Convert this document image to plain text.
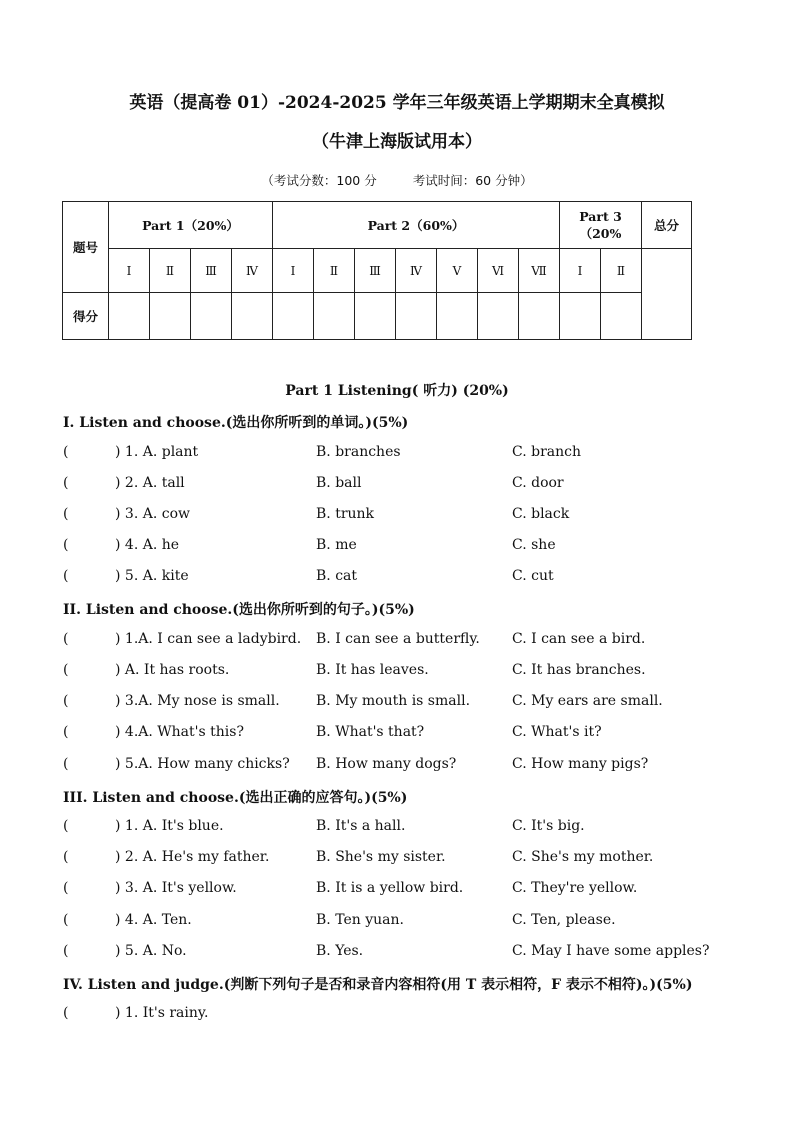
英语（提高卷 01）-2024-2025 学年三年级英语上学期期末全真模拟
（牛津上海版试用本）
（考试分数：100 分	考试时间：60 分钟）
题号	Part 1（20%）				Part 2（60%）							Part 3（20%		总分
	Ⅰ	Ⅱ	Ⅲ	Ⅳ	Ⅰ	Ⅱ	Ⅲ	Ⅳ	Ⅴ	Ⅵ	Ⅶ	Ⅰ	Ⅱ	
得分														
Part 1 Listening( 听力) (20%)
I. Listen and choose.(选出你所听到的单词。)(5%)
(	) 1. A. plant	B. branches	C. branch
(	) 2. A. tall	B. ball	C. door
(	) 3. A. cow	B. trunk	C. black
(	) 4. A. he	B. me	C. she
(	) 5. A. kite	B. cat	C. cut
II. Listen and choose.(选出你所听到的句子。)(5%)
(	) 1.A. I can see a ladybird. B. I can see a butterfly. C. I can see a bird.
(	) A. It has roots.	B. It has leaves.	C. It has branches.
(	) 3.A. My nose is small.	B. My mouth is small.	C. My ears are small.
(	) 4.A. What's this?	B. What's that?	C. What's it?
(	) 5.A. How many chicks? B. How many dogs?	C. How many pigs?
III. Listen and choose.(选出正确的应答句。)(5%)
(	) 1. A. It's blue.	B. It's a hall.	C. It's big.
(	) 2. A. He's my father.	B. She's my sister.	C. She's my mother.
(	) 3. A. It's yellow.	B. It is a yellow bird.	C. They're yellow.
(	) 4. A. Ten.	B. Ten yuan.	C. Ten, please.
(	) 5. A. No.	B. Yes.	C. May I have some apples?
IV. Listen and judge.(判断下列句子是否和录音内容相符(用 T 表示相符，F 表示不相符)。)(5%)
(	) 1. It's rainy.
